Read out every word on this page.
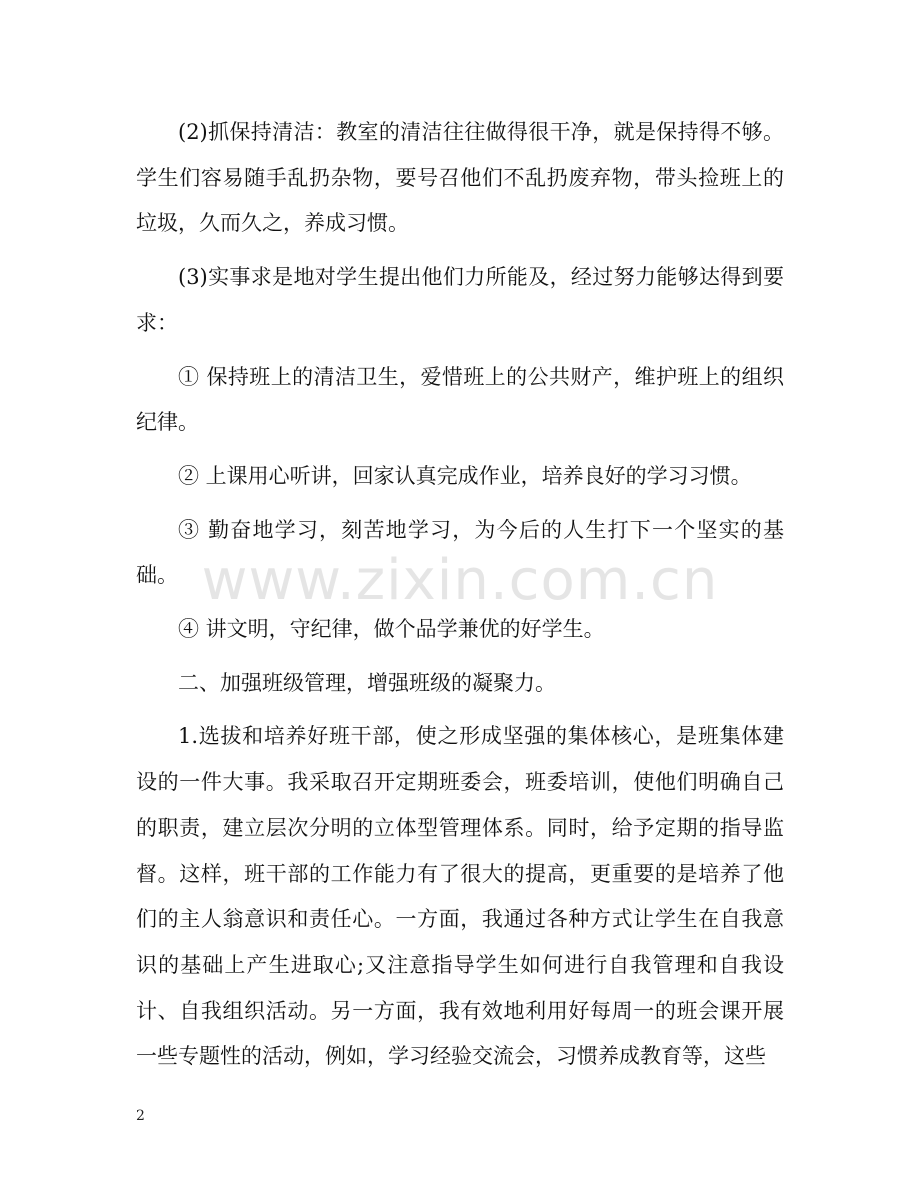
(2)抓保持清洁：教室的清洁往往做得很干净，就是保持得不够。学生们容易随手乱扔杂物，要号召他们不乱扔废弃物，带头捡班上的垃圾，久而久之，养成习惯。

(3)实事求是地对学生提出他们力所能及，经过努力能够达得到要求：

① 保持班上的清洁卫生，爱惜班上的公共财产，维护班上的组织纪律。

② 上课用心听讲，回家认真完成作业，培养良好的学习习惯。

③ 勤奋地学习，刻苦地学习，为今后的人生打下一个坚实的基础。

④ 讲文明，守纪律，做个品学兼优的好学生。

二、加强班级管理，增强班级的凝聚力。

1.选拔和培养好班干部，使之形成坚强的集体核心，是班集体建设的一件大事。我采取召开定期班委会，班委培训，使他们明确自己的职责，建立层次分明的立体型管理体系。同时，给予定期的指导监督。这样，班干部的工作能力有了很大的提高，更重要的是培养了他们的主人翁意识和责任心。一方面，我通过各种方式让学生在自我意识的基础上产生进取心;又注意指导学生如何进行自我管理和自我设计、自我组织活动。另一方面，我有效地利用好每周一的班会课开展一些专题性的活动，例如，学习经验交流会，习惯养成教育等，这些

www.zixin.com.cn
2
